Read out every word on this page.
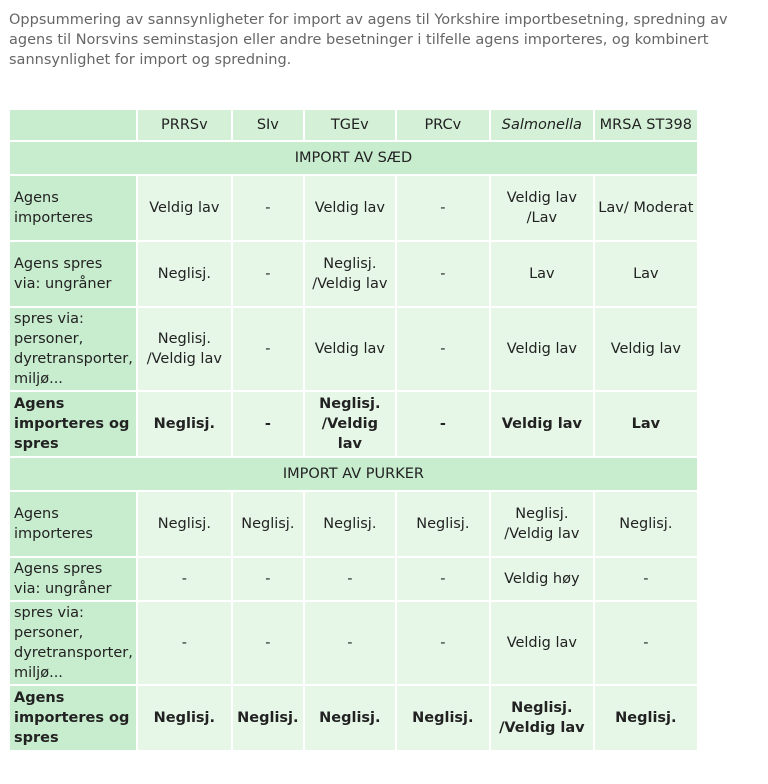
Oppsummering av sannsynligheter for import av agens til Yorkshire importbesetning, spredning av agens til Norsvins seminstasjon eller andre besetninger i tilfelle agens importeres, og kombinert sannsynlighet for import og spredning.
	PRRSv	SIv	TGEv	PRCv	Salmonella	MRSA ST398
IMPORT AV SÆD						
Agens importeres	Veldig lav	-	Veldig lav	-	Veldig lav /Lav	Lav/ Moderat
Agens spres via: ungråner	Neglisj.	-	Neglisj. /Veldig lav	-	Lav	Lav
spres via: personer, dyretransporter, miljø...	Neglisj. /Veldig lav	-	Veldig lav	-	Veldig lav	Veldig lav
Agens importeres og spres	Neglisj.	-	Neglisj. /Veldig lav	-	Veldig lav	Lav
IMPORT AV PURKER						
Agens importeres	Neglisj.	Neglisj.	Neglisj.	Neglisj.	Neglisj. /Veldig lav	Neglisj.
Agens spres via: ungråner	-	-	-	-	Veldig høy	-
spres via: personer, dyretransporter, miljø...	-	-	-	-	Veldig lav	-
Agens importeres og spres	Neglisj.	Neglisj.	Neglisj.	Neglisj.	Neglisj. /Veldig lav	Neglisj.
